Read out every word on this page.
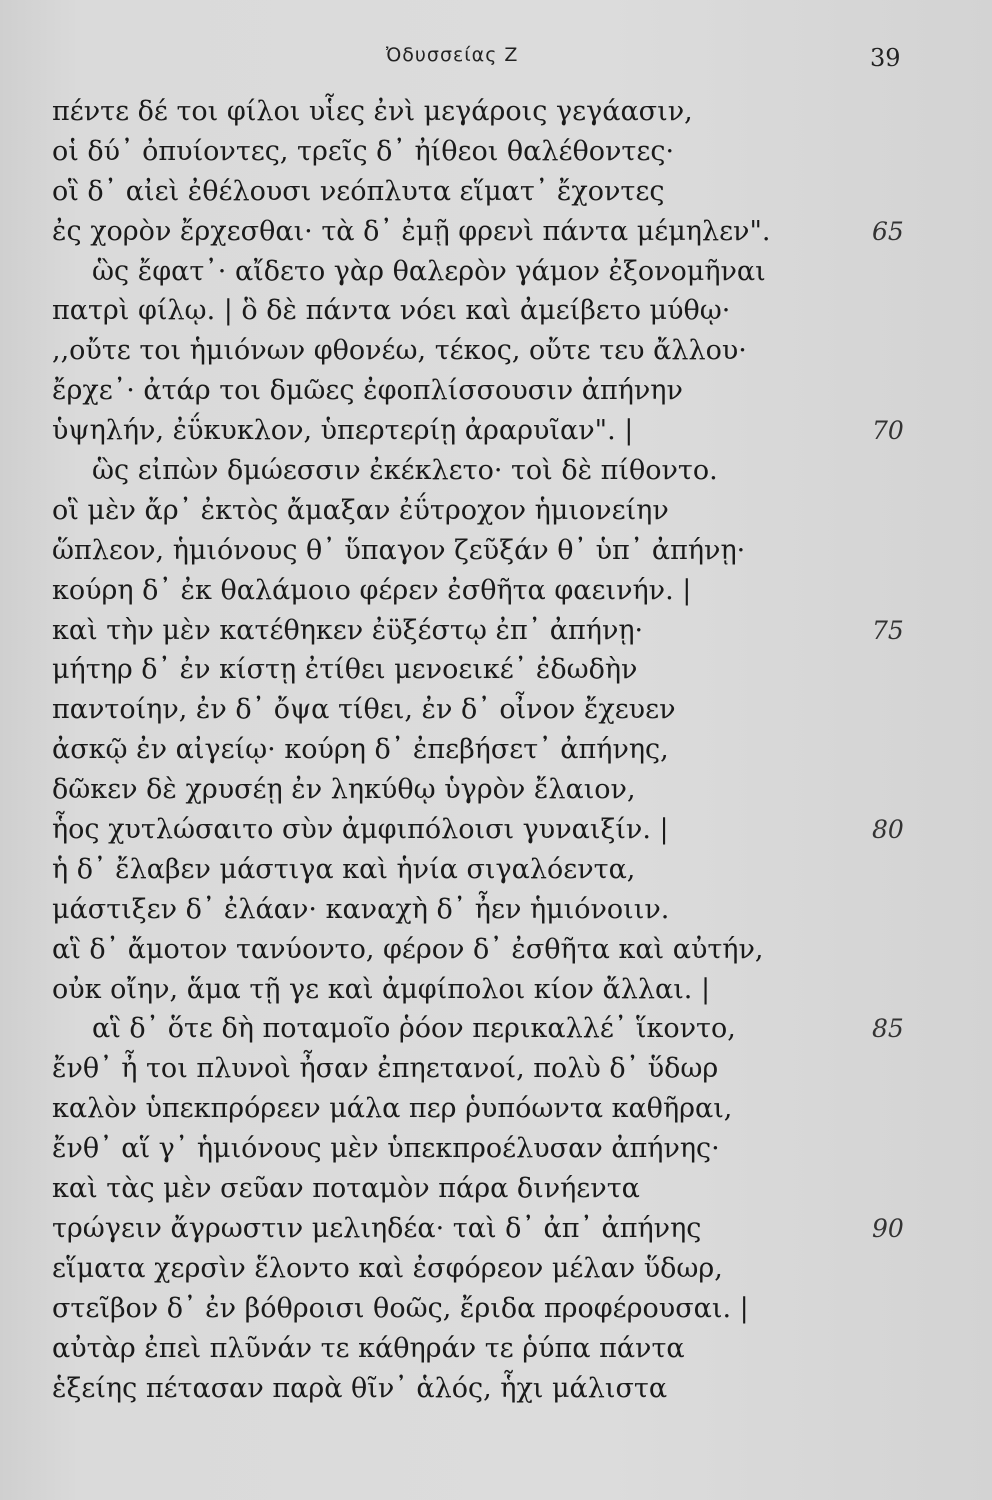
Ὀδυσσείας Ζ	39
πέντε δέ τοι φίλοι υἷες ἐνὶ μεγάροις γεγάασιν,
οἱ δύ᾽ ὀπυίοντες, τρεῖς δ᾽ ἠίθεοι θαλέθοντες·
οἳ δ᾽ αἰεὶ ἐθέλουσι νεόπλυτα εἵματ᾽ ἔχοντες
ἐς χορὸν ἔρχεσθαι· τὰ δ᾽ ἐμῇ φρενὶ πάντα μέμηλεν".	65
ὣς ἔφατ᾽· αἴδετο γὰρ θαλερὸν γάμον ἐξονομῆναι
πατρὶ φίλῳ. | ὃ δὲ πάντα νόει καὶ ἀμείβετο μύθῳ·
,,οὔτε τοι ἡμιόνων φθονέω, τέκος, οὔτε τευ ἄλλου·
ἔρχε᾽· ἀτάρ τοι δμῶες ἐφοπλίσσουσιν ἀπήνην
ὑψηλήν, ἐΰκυκλον, ὑπερτερίῃ ἀραρυῖαν". |	70
ὣς εἰπὼν δμώεσσιν ἐκέκλετο· τοὶ δὲ πίθοντο.
οἳ μὲν ἄρ᾽ ἐκτὸς ἄμαξαν ἐΰτροχον ἡμιονείην
ὥπλεον, ἡμιόνους θ᾽ ὕπαγον ζεῦξάν θ᾽ ὑπ᾽ ἀπήνῃ·
κούρη δ᾽ ἐκ θαλάμοιο φέρεν ἐσθῆτα φαεινήν. |
καὶ τὴν μὲν κατέθηκεν ἐϋξέστῳ ἐπ᾽ ἀπήνῃ·	75
μήτηρ δ᾽ ἐν κίστῃ ἐτίθει μενοεικέ᾽ ἐδωδὴν
παντοίην, ἐν δ᾽ ὄψα τίθει, ἐν δ᾽ οἶνον ἔχευεν
ἀσκῷ ἐν αἰγείῳ· κούρη δ᾽ ἐπεβήσετ᾽ ἀπήνης,
δῶκεν δὲ χρυσέῃ ἐν ληκύθῳ ὑγρὸν ἔλαιον,
ἧος χυτλώσαιτο σὺν ἀμφιπόλοισι γυναιξίν. |	80
ἡ δ᾽ ἔλαβεν μάστιγα καὶ ἡνία σιγαλόεντα,
μάστιξεν δ᾽ ἐλάαν· καναχὴ δ᾽ ἦεν ἡμιόνοιιν.
αἳ δ᾽ ἄμοτον τανύοντο, φέρον δ᾽ ἐσθῆτα καὶ αὐτήν,
οὐκ οἴην, ἅμα τῇ γε καὶ ἀμφίπολοι κίον ἄλλαι. |
αἳ δ᾽ ὅτε δὴ ποταμοῖο ῥόον περικαλλέ᾽ ἵκοντο,	85
ἔνθ᾽ ἦ τοι πλυνοὶ ἦσαν ἐπηετανοί, πολὺ δ᾽ ὕδωρ
καλὸν ὑπεκπρόρεεν μάλα περ ῥυπόωντα καθῆραι,
ἔνθ᾽ αἵ γ᾽ ἡμιόνους μὲν ὑπεκπροέλυσαν ἀπήνης·
καὶ τὰς μὲν σεῦαν ποταμὸν πάρα δινήεντα
τρώγειν ἄγρωστιν μελιηδέα· ταὶ δ᾽ ἀπ᾽ ἀπήνης	90
εἵματα χερσὶν ἕλοντο καὶ ἐσφόρεον μέλαν ὕδωρ,
στεῖβον δ᾽ ἐν βόθροισι θοῶς, ἔριδα προφέρουσαι. |
αὐτὰρ ἐπεὶ πλῦνάν τε κάθηράν τε ῥύπα πάντα
ἑξείης πέτασαν παρὰ θῖν᾽ ἁλός, ἧχι μάλιστα
